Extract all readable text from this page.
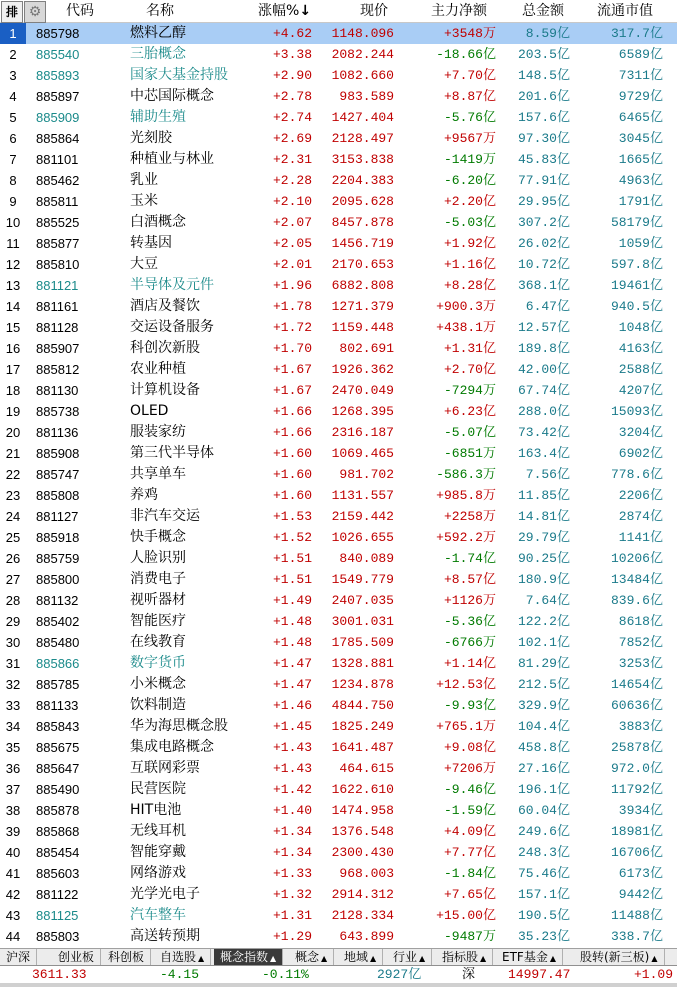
排 ⚙	代码	名称	涨幅%↓	现价	主力净额	总金额 流通市值
1	885798	燃料乙醇	+4.62	1148.096	+3548万	8.59亿	317.7亿
2	885540	三胎概念	+3.38	2082.244	-18.66亿	203.5亿	6589亿
3	885893	国家大基金持股	+2.90	1082.660	+7.70亿	148.5亿	7311亿
4	885897	中芯国际概念	+2.78	983.589	+8.87亿	201.6亿	9729亿
5	885909	辅助生殖	+2.74	1427.404	-5.76亿	157.6亿	6465亿
6	885864	光刻胶	+2.69	2128.497	+9567万	97.30亿	3045亿
7	881101	种植业与林业	+2.31	3153.838	-1419万	45.83亿	1665亿
8	885462	乳业	+2.28	2204.383	-6.20亿	77.91亿	4963亿
9	885811	玉米	+2.10	2095.628	+2.20亿	29.95亿	1791亿
10	885525	白酒概念	+2.07	8457.878	-5.03亿	307.2亿	58179亿
11	885877	转基因	+2.05	1456.719	+1.92亿	26.02亿	1059亿
12	885810	大豆	+2.01	2170.653	+1.16亿	10.72亿	597.8亿
13	881121	半导体及元件	+1.96	6882.808	+8.28亿	368.1亿	19461亿
14	881161	酒店及餐饮	+1.78	1271.379	+900.3万	6.47亿	940.5亿
15	881128	交运设备服务	+1.72	1159.448	+438.1万	12.57亿	1048亿
16	885907	科创次新股	+1.70	802.691	+1.31亿	189.8亿	4163亿
17	885812	农业种植	+1.67	1926.362	+2.70亿	42.00亿	2588亿
18	881130	计算机设备	+1.67	2470.049	-7294万	67.74亿	4207亿
19	885738	OLED	+1.66	1268.395	+6.23亿	288.0亿	15093亿
20	881136	服装家纺	+1.66	2316.187	-5.07亿	73.42亿	3204亿
21	885908	第三代半导体	+1.60	1069.465	-6851万	163.4亿	6902亿
22	885747	共享单车	+1.60	981.702	-586.3万	7.56亿	778.6亿
23	885808	养鸡	+1.60	1131.557	+985.8万	11.85亿	2206亿
24	881127	非汽车交运	+1.53	2159.442	+2258万	14.81亿	2874亿
25	885918	快手概念	+1.52	1026.655	+592.2万	29.79亿	1141亿
26	885759	人脸识别	+1.51	840.089	-1.74亿	90.25亿	10206亿
27	885800	消费电子	+1.51	1549.779	+8.57亿	180.9亿	13484亿
28	881132	视听器材	+1.49	2407.035	+1126万	7.64亿	839.6亿
29	885402	智能医疗	+1.48	3001.031	-5.36亿	122.2亿	8618亿
30	885480	在线教育	+1.48	1785.509	-6766万	102.1亿	7852亿
31	885866	数字货币	+1.47	1328.881	+1.14亿	81.29亿	3253亿
32	885785	小米概念	+1.47	1234.878	+12.53亿	212.5亿	14654亿
33	881133	饮料制造	+1.46	4844.750	-9.93亿	329.9亿	60636亿
34	885843	华为海思概念股	+1.45	1825.249	+765.1万	104.4亿	3883亿
35	885675	集成电路概念	+1.43	1641.487	+9.08亿	458.8亿	25878亿
36	885647	互联网彩票	+1.43	464.615	+7206万	27.16亿	972.0亿
37	885490	民营医院	+1.42	1622.610	-9.46亿	196.1亿	11792亿
38	885878	HIT电池	+1.40	1474.958	-1.59亿	60.04亿	3934亿
39	885868	无线耳机	+1.34	1376.548	+4.09亿	249.6亿	18981亿
40	885454	智能穿戴	+1.34	2300.430	+7.77亿	248.3亿	16706亿
41	885603	网络游戏	+1.33	968.003	-1.84亿	75.46亿	6173亿
42	881122	光学光电子	+1.32	2914.312	+7.65亿	157.1亿	9442亿
43	881125	汽车整车	+1.31	2128.334	+15.00亿	190.5亿	11488亿
44	885803	高送转预期	+1.29	643.899	-9487万	35.23亿	338.7亿
沪深	创业板	科创板	自选股 ▲	概念指数 ▲	概念 ▲	地域 ▲	行业 ▲	指标股 ▲	ETF基金 ▲	股转(新三板) ▲
3611.33	-4.15	-0.11%	2927亿	深	14997.47	+1.09
